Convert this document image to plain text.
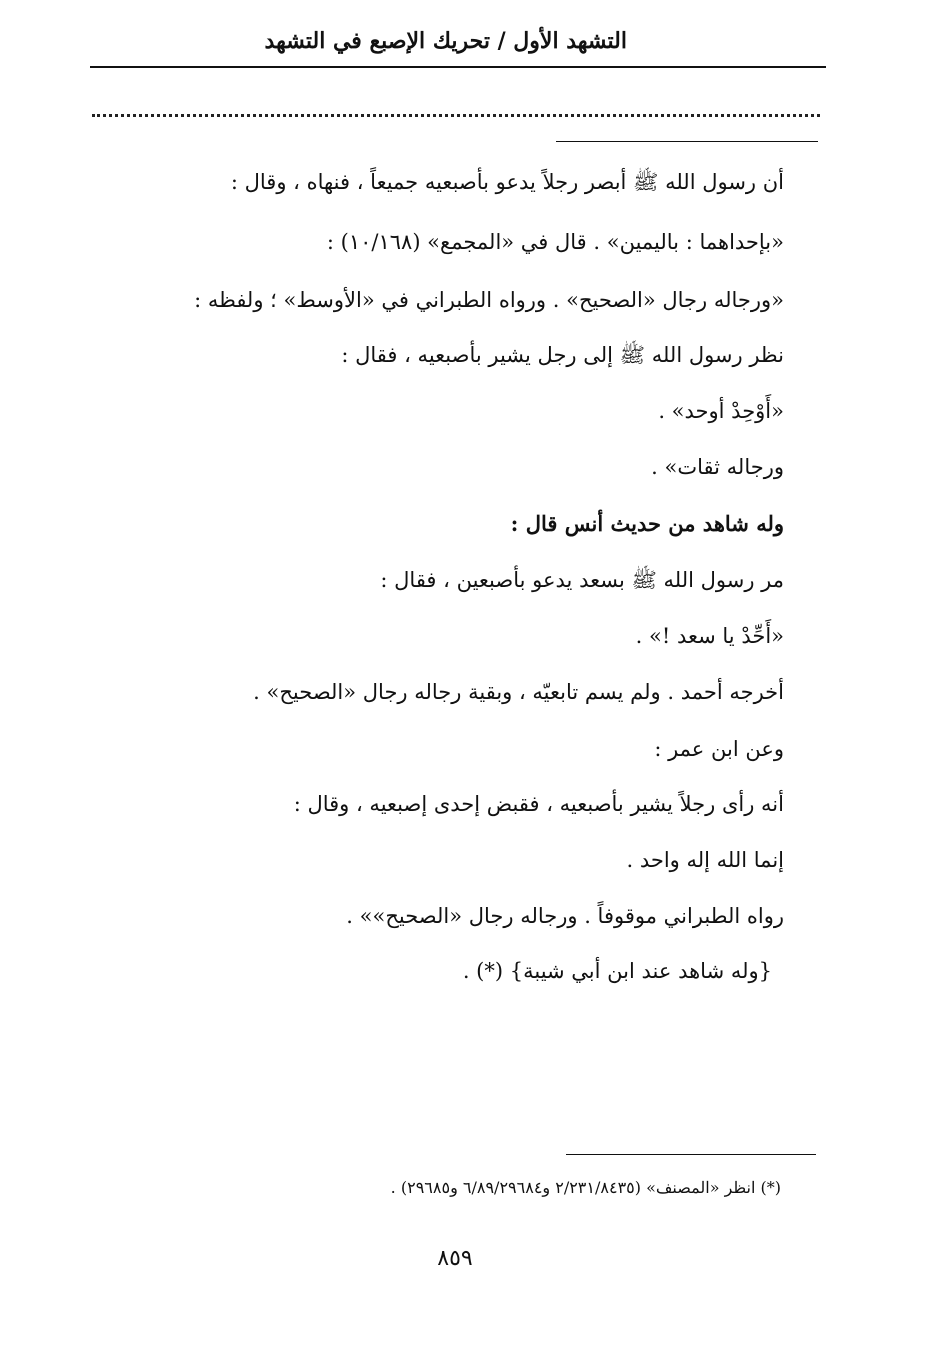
التشهد الأول / تحريك الإصبع في التشهد
أن رسول الله ﷺ أبصر رجلاً يدعو بأصبعيه جميعاً ، فنهاه ، وقال :
«بإحداهما : باليمين» . قال في «المجمع» (١٠/١٦٨) :
«ورجاله رجال «الصحيح» . ورواه الطبراني في «الأوسط» ؛ ولفظه :
نظر رسول الله ﷺ إلى رجل يشير بأصبعيه ، فقال :
«أَوْحِدْ أوحد» .
ورجاله ثقات» .
وله شاهد من حديث أنس قال :
مر رسول الله ﷺ بسعد يدعو بأصبعين ، فقال :
«أَحِّدْ يا سعد !» .
أخرجه أحمد . ولم يسم تابعيّه ، وبقية رجاله رجال «الصحيح» .
وعن ابن عمر :
أنه رأى رجلاً يشير بأصبعيه ، فقبض إحدى إصبعيه ، وقال :
إنما الله إله واحد .
رواه الطبراني موقوفاً . ورجاله رجال «الصحيح»» .
{وله شاهد عند ابن أبي شيبة} (*) .
(*) انظر «المصنف» (٢/٢٣١/٨٤٣٥ و٦/٨٩/٢٩٦٨٤ و٢٩٦٨٥) .
٨٥٩
